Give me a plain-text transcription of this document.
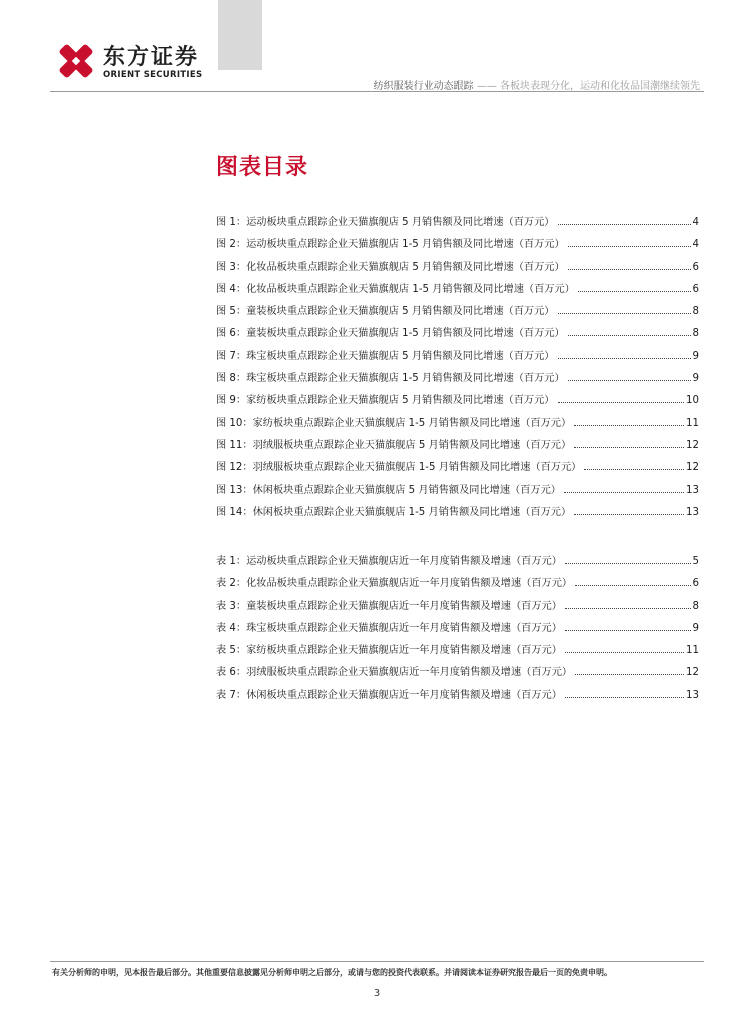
东方证券
ORIENT SECURITIES
纺织服装行业动态跟踪 —— 各板块表现分化，运动和化妆品国潮继续领先
图表目录
图 1：运动板块重点跟踪企业天猫旗舰店 5 月销售额及同比增速（百万元）	4
图 2：运动板块重点跟踪企业天猫旗舰店 1-5 月销售额及同比增速（百万元）	4
图 3：化妆品板块重点跟踪企业天猫旗舰店 5 月销售额及同比增速（百万元）	6
图 4：化妆品板块重点跟踪企业天猫旗舰店 1-5 月销售额及同比增速（百万元）	6
图 5：童装板块重点跟踪企业天猫旗舰店 5 月销售额及同比增速（百万元）	8
图 6：童装板块重点跟踪企业天猫旗舰店 1-5 月销售额及同比增速（百万元）	8
图 7：珠宝板块重点跟踪企业天猫旗舰店 5 月销售额及同比增速（百万元）	9
图 8：珠宝板块重点跟踪企业天猫旗舰店 1-5 月销售额及同比增速（百万元）	9
图 9：家纺板块重点跟踪企业天猫旗舰店 5 月销售额及同比增速（百万元）	10
图 10：家纺板块重点跟踪企业天猫旗舰店 1-5 月销售额及同比增速（百万元）	11
图 11：羽绒服板块重点跟踪企业天猫旗舰店 5 月销售额及同比增速（百万元）	12
图 12：羽绒服板块重点跟踪企业天猫旗舰店 1-5 月销售额及同比增速（百万元）	12
图 13：休闲板块重点跟踪企业天猫旗舰店 5 月销售额及同比增速（百万元）	13
图 14：休闲板块重点跟踪企业天猫旗舰店 1-5 月销售额及同比增速（百万元）	13
表 1：运动板块重点跟踪企业天猫旗舰店近一年月度销售额及增速（百万元）	5
表 2：化妆品板块重点跟踪企业天猫旗舰店近一年月度销售额及增速（百万元）	6
表 3：童装板块重点跟踪企业天猫旗舰店近一年月度销售额及增速（百万元）	8
表 4：珠宝板块重点跟踪企业天猫旗舰店近一年月度销售额及增速（百万元）	9
表 5：家纺板块重点跟踪企业天猫旗舰店近一年月度销售额及增速（百万元）	11
表 6：羽绒服板块重点跟踪企业天猫旗舰店近一年月度销售额及增速（百万元）	12
表 7：休闲板块重点跟踪企业天猫旗舰店近一年月度销售额及增速（百万元）	13
有关分析师的申明，见本报告最后部分。其他重要信息披露见分析师申明之后部分，或请与您的投资代表联系。并请阅读本证券研究报告最后一页的免责申明。
3
